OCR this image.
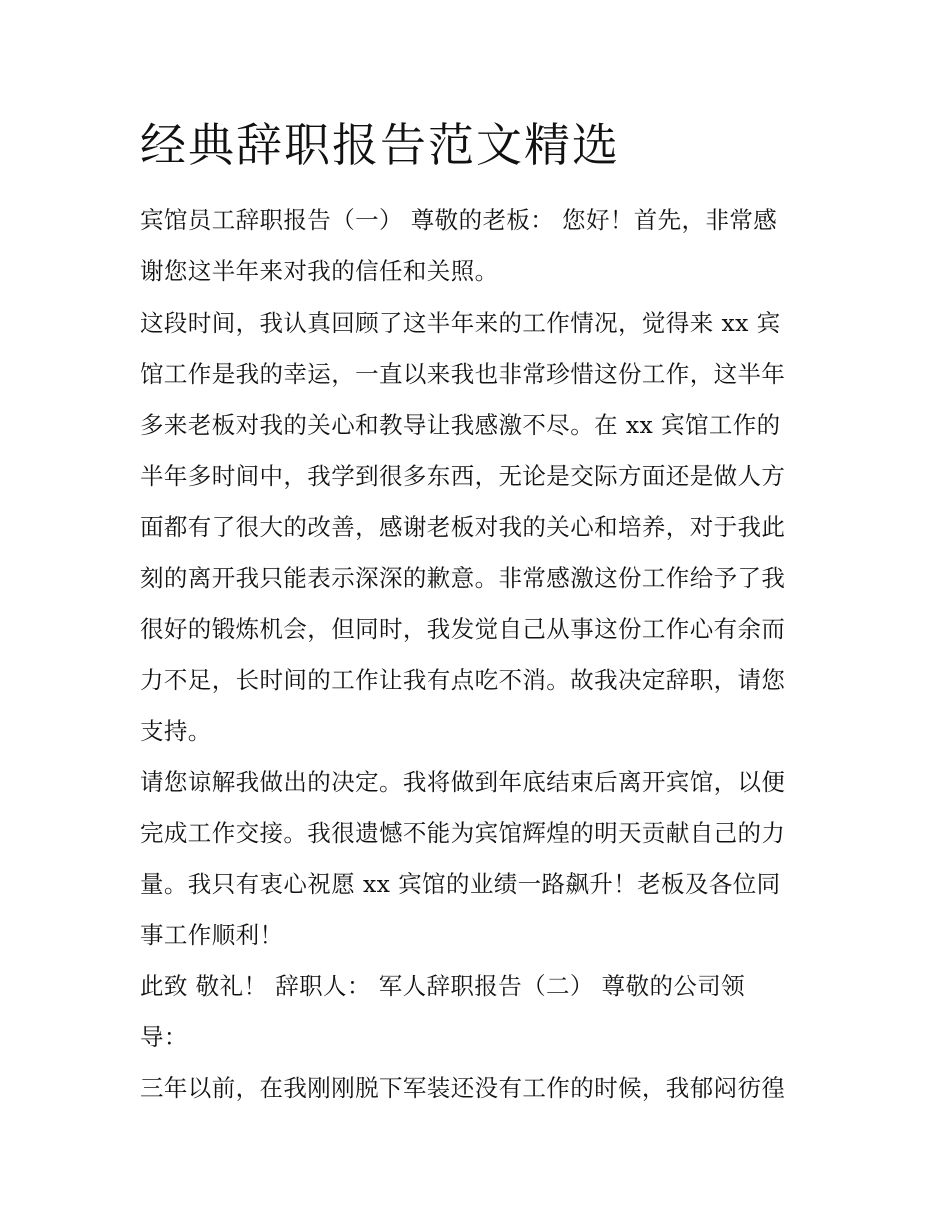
经典辞职报告范文精选
宾馆员工辞职报告（一） 尊敬的老板： 您好！首先，非常感
谢您这半年来对我的信任和关照。
这段时间，我认真回顾了这半年来的工作情况，觉得来 xx 宾
馆工作是我的幸运，一直以来我也非常珍惜这份工作，这半年
多来老板对我的关心和教导让我感激不尽。在 xx 宾馆工作的
半年多时间中，我学到很多东西，无论是交际方面还是做人方
面都有了很大的改善，感谢老板对我的关心和培养，对于我此
刻的离开我只能表示深深的歉意。非常感激这份工作给予了我
很好的锻炼机会，但同时，我发觉自己从事这份工作心有余而
力不足，长时间的工作让我有点吃不消。故我决定辞职，请您
支持。
请您谅解我做出的决定。我将做到年底结束后离开宾馆，以便
完成工作交接。我很遗憾不能为宾馆辉煌的明天贡献自己的力
量。我只有衷心祝愿 xx 宾馆的业绩一路飙升！老板及各位同
事工作顺利！
此致 敬礼！ 辞职人： 军人辞职报告（二） 尊敬的公司领
导：
三年以前，在我刚刚脱下军装还没有工作的时候，我郁闷彷徨
